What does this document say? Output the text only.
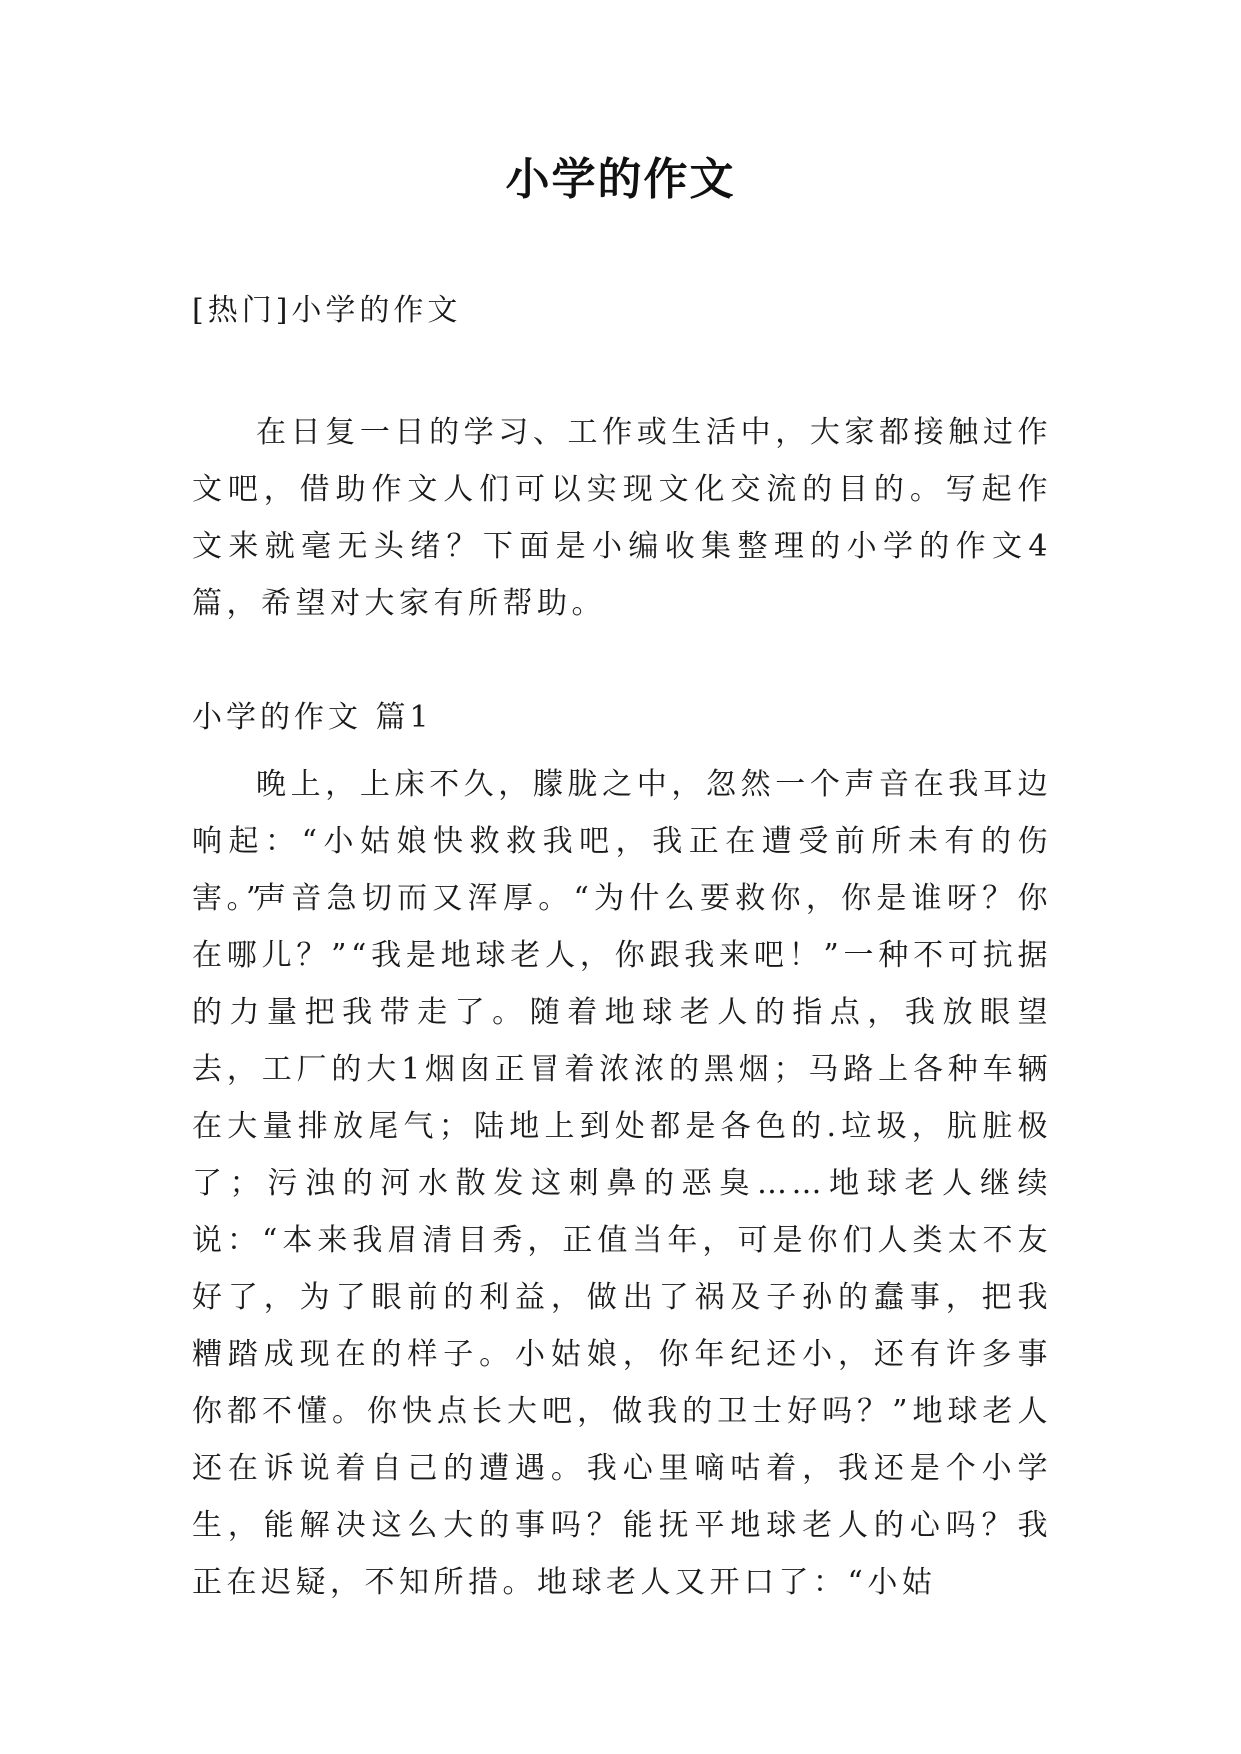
小学的作文
[热门]小学的作文

在日复一日的学习、工作或生活中，大家都接触过作文吧，借助作文人们可以实现文化交流的目的。写起作文来就毫无头绪？下面是小编收集整理的小学的作文4篇，希望对大家有所帮助。

小学的作文 篇1

晚上，上床不久，朦胧之中，忽然一个声音在我耳边响起：“小姑娘快救救我吧，我正在遭受前所未有的伤害。”

声音急切而又浑厚。“为什么要救你，你是谁呀？你在哪儿？”“我是地球老人，你跟我来吧！”一种不可抗据的力量把我带走了。随着地球老人的指点，我放眼望去，工厂的大1烟囱正冒着浓浓的黑烟；马路上各种车辆在大量排放尾气；陆地上到处都是各色的.垃圾，肮脏极了；污浊的河水散发这刺鼻的恶臭……地球老人继续说：“本来我眉清目秀，正值当年，可是你们人类太不友好了，为了眼前的利益，做出了祸及子孙的蠢事，把我糟踏成现在的样子。小姑娘，你年纪还小，还有许多事你都不懂。你快点长大吧，做我的卫士好吗？”地球老人还在诉说着自己的遭遇。我心里嘀咕着，我还是个小学生，能解决这么大的事吗？能抚平地球老人的心吗？我正在迟疑，不知所措。地球老人又开口了：“小姑
